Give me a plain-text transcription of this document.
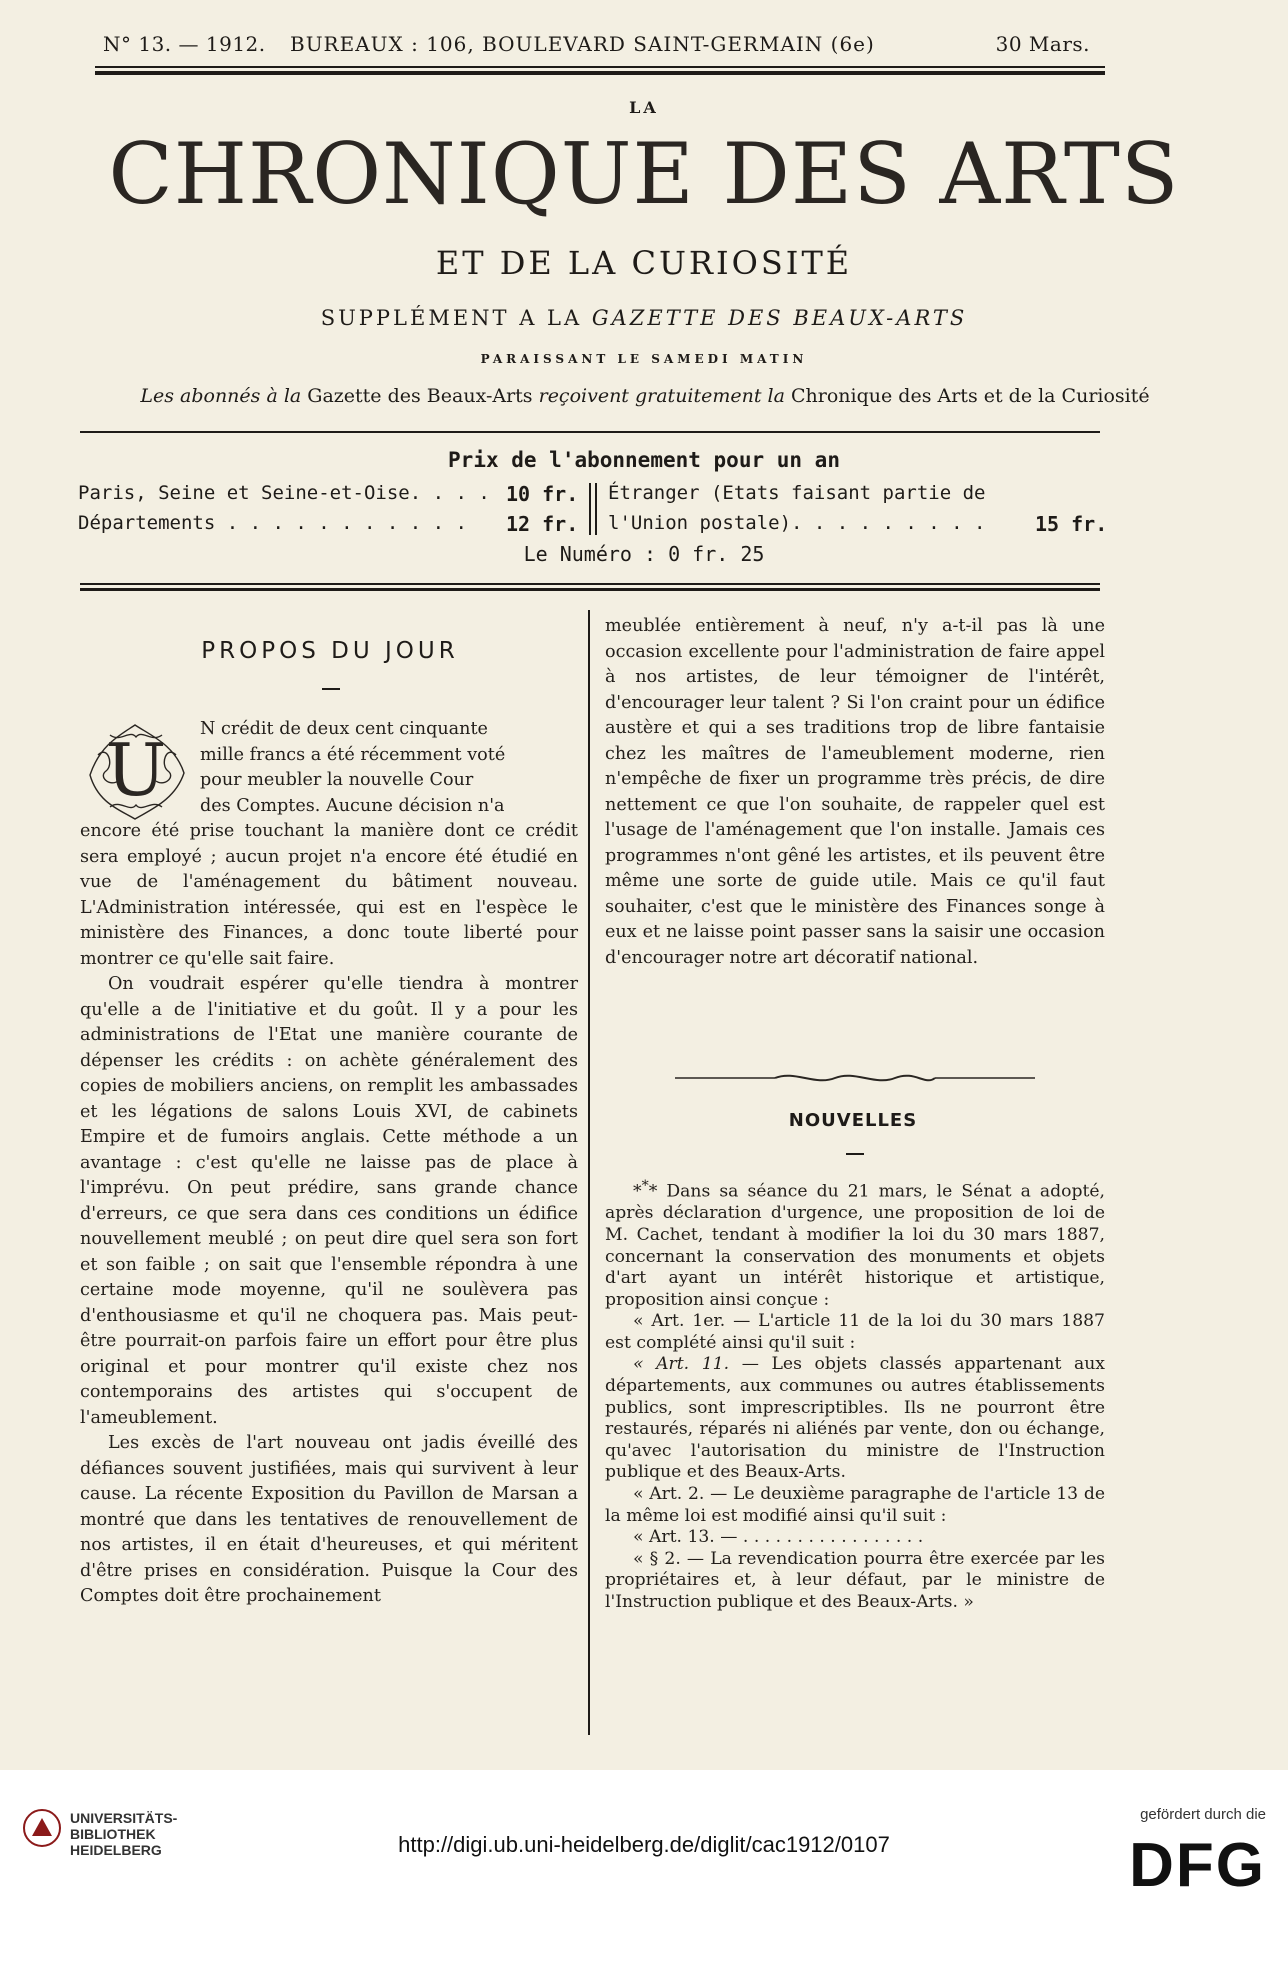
N° 13. — 1912. BUREAUX : 106, BOULEVARD SAINT-GERMAIN (6e)	30 Mars.
LA
CHRONIQUE DES ARTS
ET DE LA CURIOSITÉ
SUPPLÉMENT A LA GAZETTE DES BEAUX-ARTS
PARAISSANT LE SAMEDI MATIN
Les abonnés à la Gazette des Beaux-Arts reçoivent gratuitement la Chronique des Arts et de la Curiosité
Prix de l'abonnement pour un an
Paris, Seine et Seine-et-Oise. . . . 10 fr.
Départements . . . . . . . . . . . 12 fr.
Étranger (Etats faisant partie de
l'Union postale). . . . . . . . . 15 fr.
Le Numéro : 0 fr. 25
PROPOS DU JOUR
U N crédit de deux cent cinquante

mille francs a été récemment voté

pour meubler la nouvelle Cour

des Comptes. Aucune décision n'a

encore été prise touchant la manière dont ce crédit sera employé ; aucun projet n'a encore été étudié en vue de l'aménagement du bâtiment nouveau. L'Administration intéressée, qui est en l'espèce le ministère des Finances, a donc toute liberté pour montrer ce qu'elle sait faire.

On voudrait espérer qu'elle tiendra à montrer qu'elle a de l'initiative et du goût. Il y a pour les administrations de l'Etat une manière courante de dépenser les crédits : on achète généralement des copies de mobiliers anciens, on remplit les ambassades et les légations de salons Louis XVI, de cabinets Empire et de fumoirs anglais. Cette méthode a un avantage : c'est qu'elle ne laisse pas de place à l'imprévu. On peut prédire, sans grande chance d'erreurs, ce que sera dans ces conditions un édifice nouvellement meublé ; on peut dire quel sera son fort et son faible ; on sait que l'ensemble répondra à une certaine mode moyenne, qu'il ne soulèvera pas d'enthousiasme et qu'il ne choquera pas. Mais peut-être pourrait-on parfois faire un effort pour être plus original et pour montrer qu'il existe chez nos contemporains des artistes qui s'occupent de l'ameublement.

Les excès de l'art nouveau ont jadis éveillé des défiances souvent justifiées, mais qui survivent à leur cause. La récente Exposition du Pavillon de Marsan a montré que dans les tentatives de renouvellement de nos artistes, il en était d'heureuses, et qui méritent d'être prises en considération. Puisque la Cour des Comptes doit être prochainement

meublée entièrement à neuf, n'y a-t-il pas là une occasion excellente pour l'administration de faire appel à nos artistes, de leur témoigner de l'intérêt, d'encourager leur talent ? Si l'on craint pour un édifice austère et qui a ses traditions trop de libre fantaisie chez les maîtres de l'ameublement moderne, rien n'empêche de fixer un programme très précis, de dire nettement ce que l'on souhaite, de rappeler quel est l'usage de l'aménagement que l'on installe. Jamais ces programmes n'ont gêné les artistes, et ils peuvent être même une sorte de guide utile. Mais ce qu'il faut souhaiter, c'est que le ministère des Finances songe à eux et ne laisse point passer sans la saisir une occasion d'encourager notre art décoratif national.

NOUVELLES

*** Dans sa séance du 21 mars, le Sénat a adopté, après déclaration d'urgence, une proposition de loi de M. Cachet, tendant à modifier la loi du 30 mars 1887, concernant la conservation des monuments et objets d'art ayant un intérêt historique et artistique, proposition ainsi conçue :

« Art. 1er. — L'article 11 de la loi du 30 mars 1887 est complété ainsi qu'il suit :

« Art. 11. — Les objets classés appartenant aux départements, aux communes ou autres établissements publics, sont imprescriptibles. Ils ne pourront être restaurés, réparés ni aliénés par vente, don ou échange, qu'avec l'autorisation du ministre de l'Instruction publique et des Beaux-Arts.

« Art. 2. — Le deuxième paragraphe de l'article 13 de la même loi est modifié ainsi qu'il suit :

« Art. 13. — . . . . . . . . . . . . . . . . .

« § 2. — La revendication pourra être exercée par les propriétaires et, à leur défaut, par le ministre de l'Instruction publique et des Beaux-Arts. »

UNIVERSITÄTS-
BIBLIOTHEK
HEIDELBERG	http://digi.ub.uni-heidelberg.de/diglit/cac1912/0107
gefördert durch die
DFG
